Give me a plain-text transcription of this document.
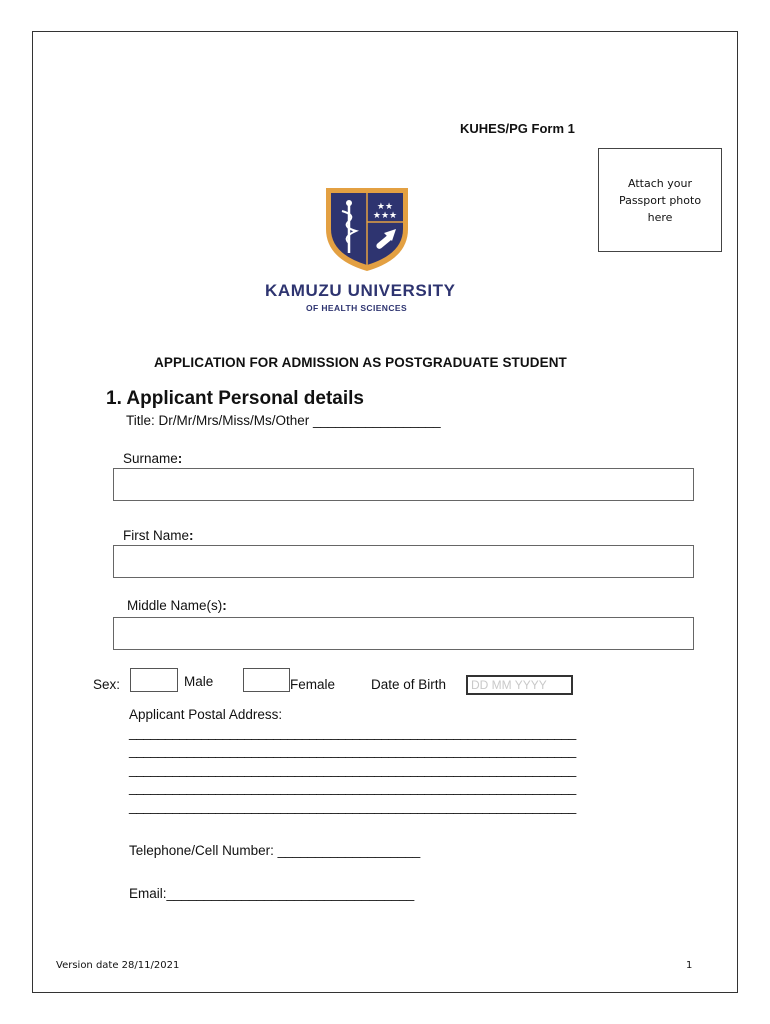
KUHES/PG Form 1
Attach your Passport photo here
★★
★★★
KAMUZU UNIVERSITY
OF HEALTH SCIENCES
APPLICATION FOR ADMISSION AS POSTGRADUATE STUDENT
1. Applicant Personal details
Title: Dr/Mr/Mrs/Miss/Ms/Other _________________
Surname:
First Name:
Middle Name(s):
Sex:	Male	Female	Date of Birth	DD MM YYYY
Applicant Postal Address:
______________________________________________________________
______________________________________________________________
______________________________________________________________
______________________________________________________________
______________________________________________________________
Telephone/Cell Number: ___________________
Email:_________________________________
Version date 28/11/2021	1
